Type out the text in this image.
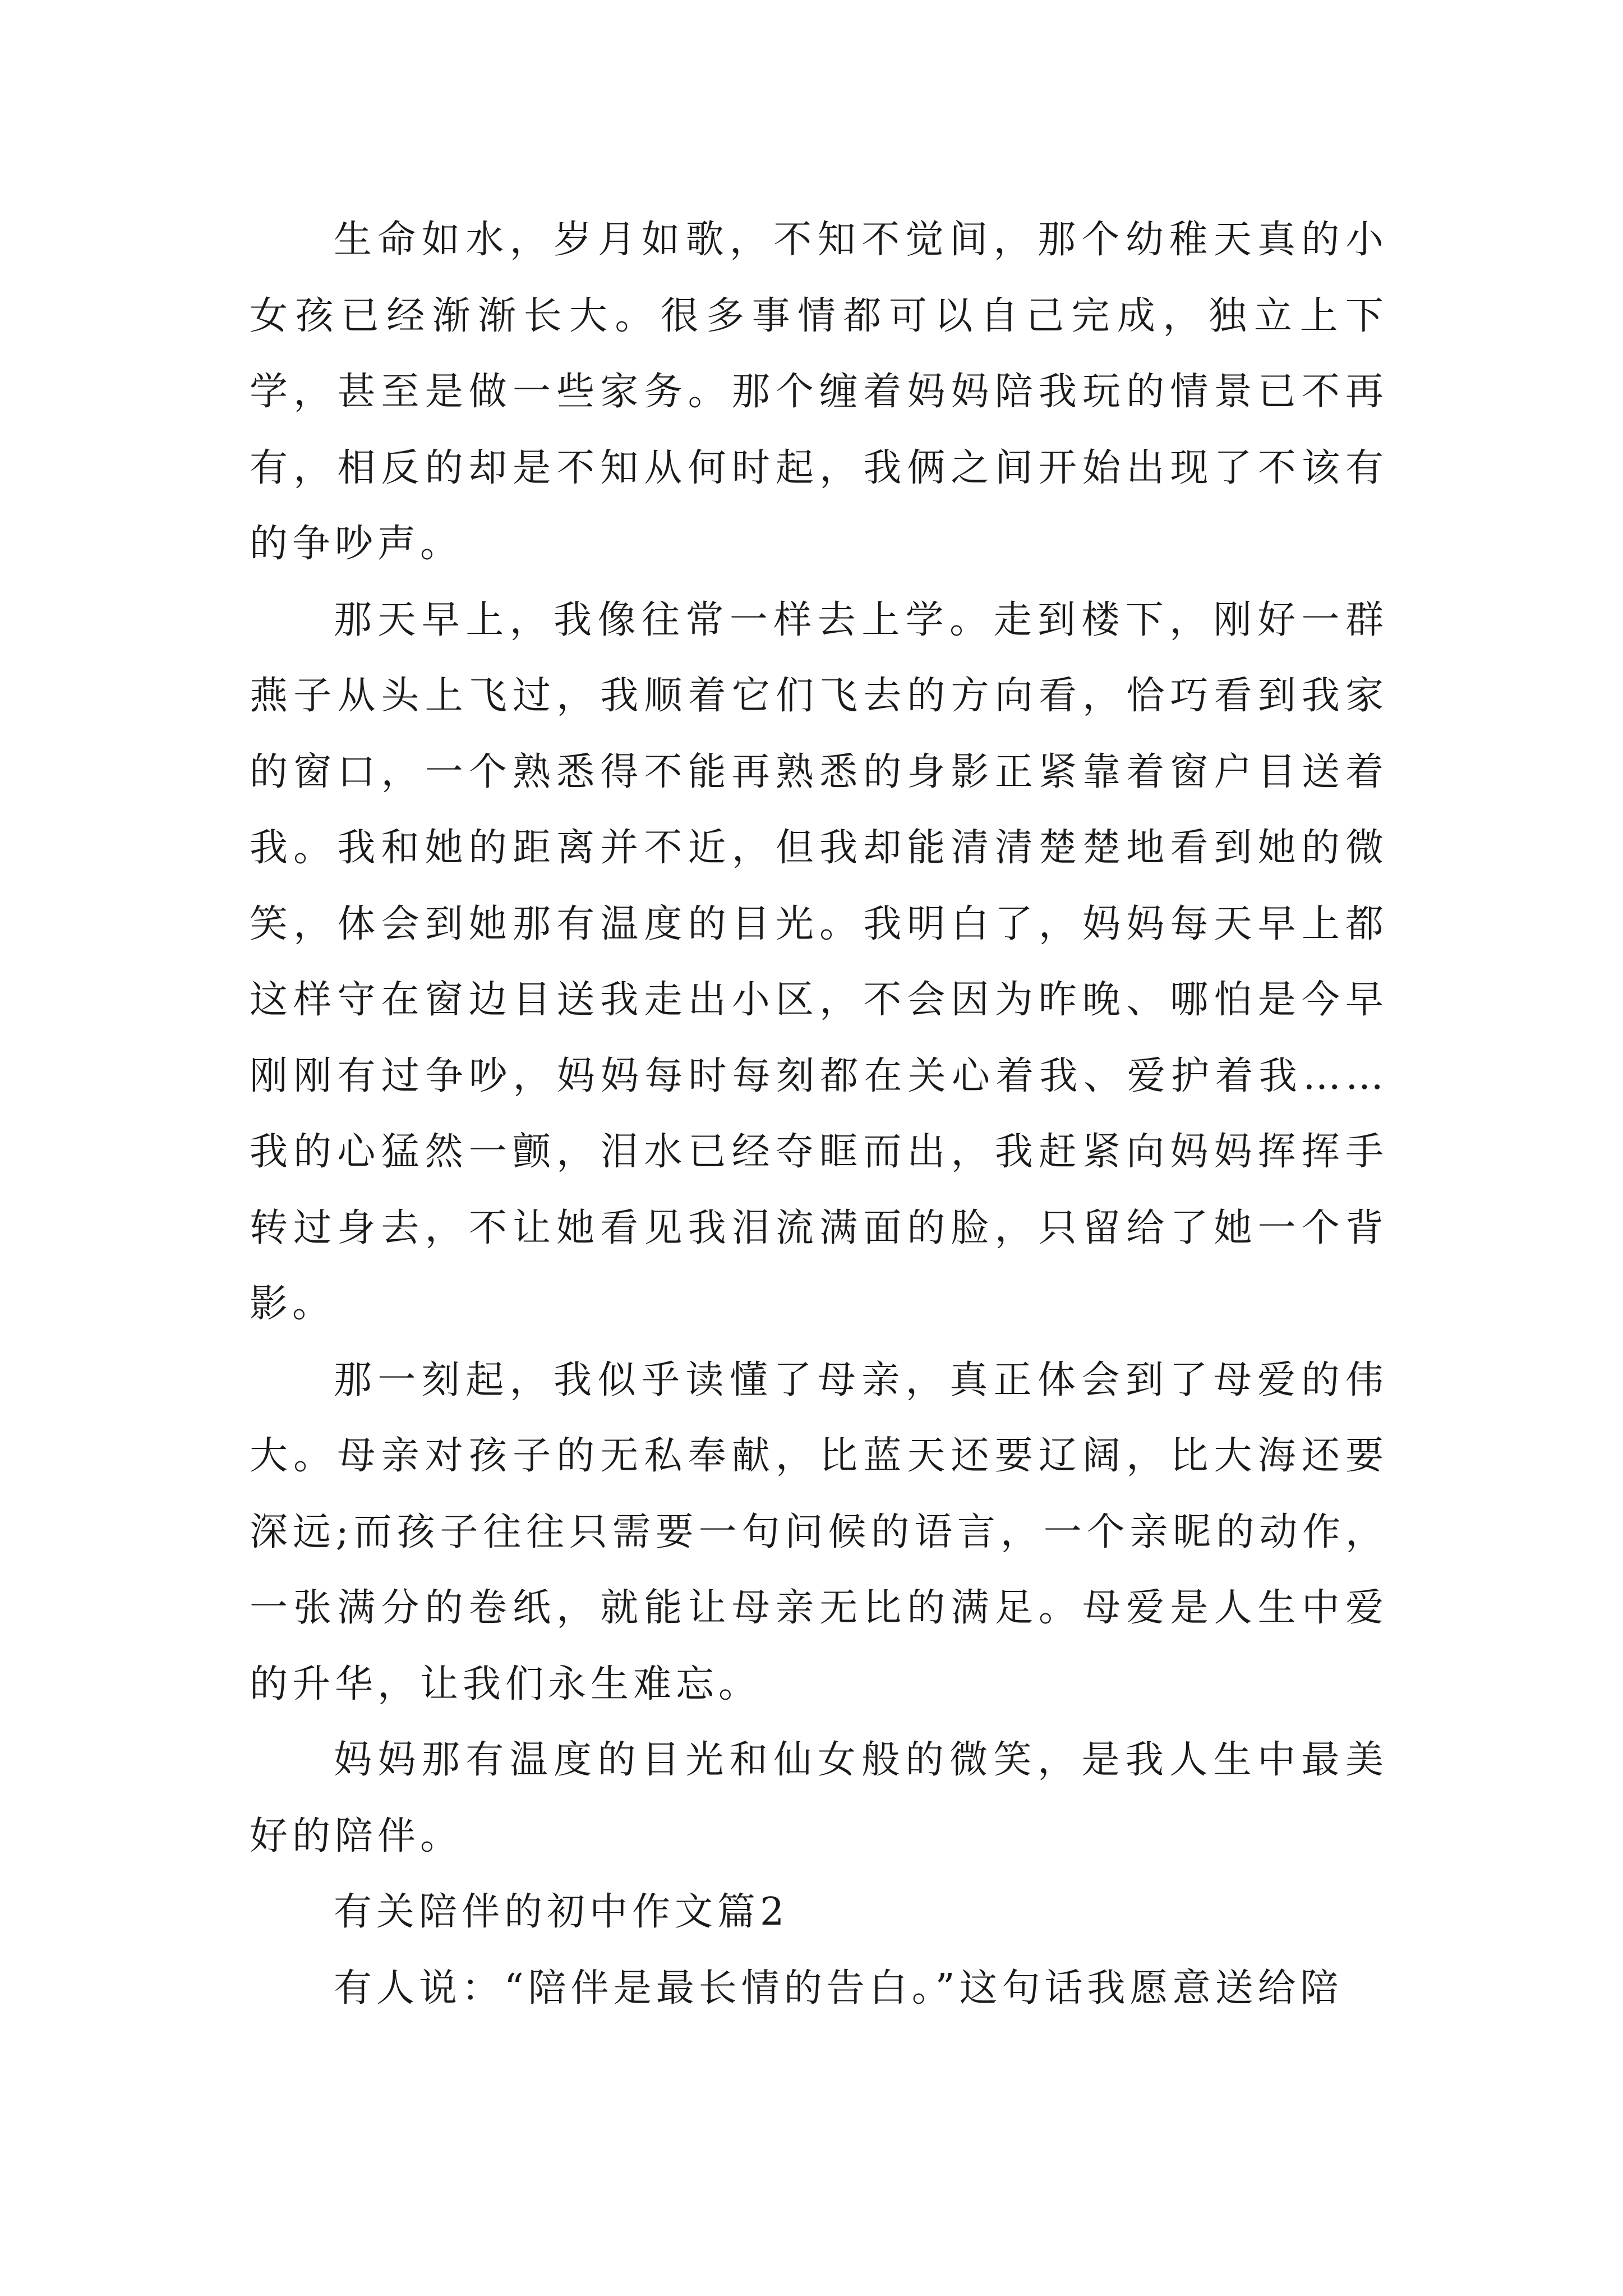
生命如水，岁月如歌，不知不觉间，那个幼稚天真的小女孩已经渐渐长大。很多事情都可以自己完成，独立上下学，甚至是做一些家务。那个缠着妈妈陪我玩的情景已不再有，相反的却是不知从何时起，我俩之间开始出现了不该有的争吵声。

那天早上，我像往常一样去上学。走到楼下，刚好一群燕子从头上飞过，我顺着它们飞去的方向看，恰巧看到我家的窗口，一个熟悉得不能再熟悉的身影正紧靠着窗户目送着我。我和她的距离并不近，但我却能清清楚楚地看到她的微笑，体会到她那有温度的目光。我明白了，妈妈每天早上都这样守在窗边目送我走出小区，不会因为昨晚、哪怕是今早刚刚有过争吵，妈妈每时每刻都在关心着我、爱护着我……我的心猛然一颤，泪水已经夺眶而出，我赶紧向妈妈挥挥手转过身去，不让她看见我泪流满面的脸，只留给了她一个背影。

那一刻起，我似乎读懂了母亲，真正体会到了母爱的伟大。母亲对孩子的无私奉献，比蓝天还要辽阔，比大海还要深远;而孩子往往只需要一句问候的语言，一个亲昵的动作，一张满分的卷纸，就能让母亲无比的满足。母爱是人生中爱的升华，让我们永生难忘。

妈妈那有温度的目光和仙女般的微笑，是我人生中最美好的陪伴。

有关陪伴的初中作文篇2

有人说：“陪伴是最长情的告白。”这句话我愿意送给陪
